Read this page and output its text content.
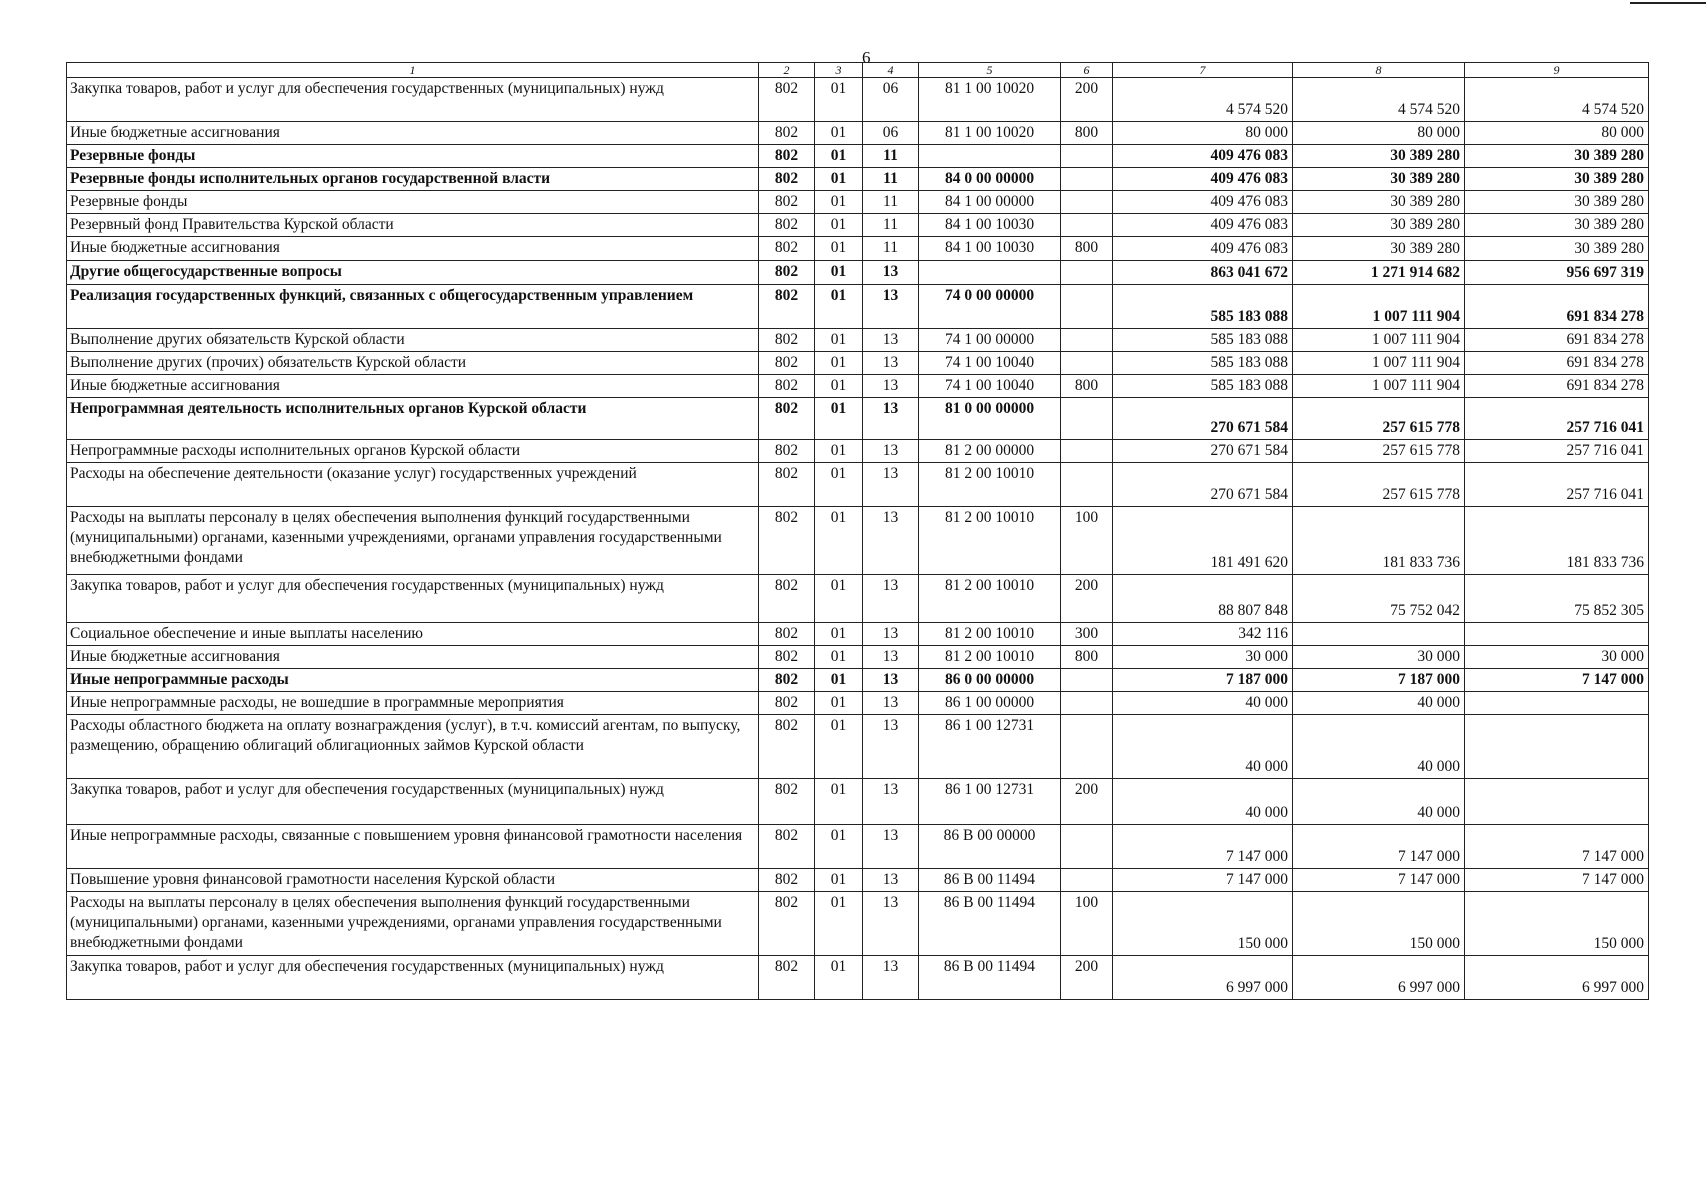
6
1	2	3	4	5	6	7	8	9
Закупка товаров, работ и услуг для обеспечения государственных (муниципальных) нужд	802	01	06	81 1 00 10020	200	4 574 520	4 574 520	4 574 520
Иные бюджетные ассигнования	802	01	06	81 1 00 10020	800	80 000	80 000	80 000
Резервные фонды	802	01	11			409 476 083	30 389 280	30 389 280
Резервные фонды исполнительных органов государственной власти	802	01	11	84 0 00 00000		409 476 083	30 389 280	30 389 280
Резервные фонды	802	01	11	84 1 00 00000		409 476 083	30 389 280	30 389 280
Резервный фонд Правительства Курской области	802	01	11	84 1 00 10030		409 476 083	30 389 280	30 389 280
Иные бюджетные ассигнования	802	01	11	84 1 00 10030	800	409 476 083	30 389 280	30 389 280
Другие общегосударственные вопросы	802	01	13			863 041 672	1 271 914 682	956 697 319
Реализация государственных функций, связанных с общегосударственным управлением	802	01	13	74 0 00 00000		585 183 088	1 007 111 904	691 834 278
Выполнение других обязательств Курской области	802	01	13	74 1 00 00000		585 183 088	1 007 111 904	691 834 278
Выполнение других (прочих) обязательств Курской области	802	01	13	74 1 00 10040		585 183 088	1 007 111 904	691 834 278
Иные бюджетные ассигнования	802	01	13	74 1 00 10040	800	585 183 088	1 007 111 904	691 834 278
Непрограммная деятельность исполнительных органов Курской области	802	01	13	81 0 00 00000		270 671 584	257 615 778	257 716 041
Непрограммные расходы исполнительных органов Курской области	802	01	13	81 2 00 00000		270 671 584	257 615 778	257 716 041
Расходы на обеспечение деятельности (оказание услуг) государственных учреждений	802	01	13	81 2 00 10010		270 671 584	257 615 778	257 716 041
Расходы на выплаты персоналу в целях обеспечения выполнения функций государственными (муниципальными) органами, казенными учреждениями, органами управления государственными внебюджетными фондами	802	01	13	81 2 00 10010	100	181 491 620	181 833 736	181 833 736
Закупка товаров, работ и услуг для обеспечения государственных (муниципальных) нужд	802	01	13	81 2 00 10010	200	88 807 848	75 752 042	75 852 305
Социальное обеспечение и иные выплаты населению	802	01	13	81 2 00 10010	300	342 116		
Иные бюджетные ассигнования	802	01	13	81 2 00 10010	800	30 000	30 000	30 000
Иные непрограммные расходы	802	01	13	86 0 00 00000		7 187 000	7 187 000	7 147 000
Иные непрограммные расходы, не вошедшие в программные мероприятия	802	01	13	86 1 00 00000		40 000	40 000	
Расходы областного бюджета на оплату вознаграждения (услуг), в т.ч. комиссий агентам, по выпуску, размещению, обращению облигаций облигационных займов Курской области	802	01	13	86 1 00 12731		40 000	40 000	
Закупка товаров, работ и услуг для обеспечения государственных (муниципальных) нужд	802	01	13	86 1 00 12731	200	40 000	40 000	
Иные непрограммные расходы, связанные с повышением уровня финансовой грамотности населения	802	01	13	86 В 00 00000		7 147 000	7 147 000	7 147 000
Повышение уровня финансовой грамотности населения Курской области	802	01	13	86 В 00 11494		7 147 000	7 147 000	7 147 000
Расходы на выплаты персоналу в целях обеспечения выполнения функций государственными (муниципальными) органами, казенными учреждениями, органами управления государственными внебюджетными фондами	802	01	13	86 В 00 11494	100	150 000	150 000	150 000
Закупка товаров, работ и услуг для обеспечения государственных (муниципальных) нужд	802	01	13	86 В 00 11494	200	6 997 000	6 997 000	6 997 000
